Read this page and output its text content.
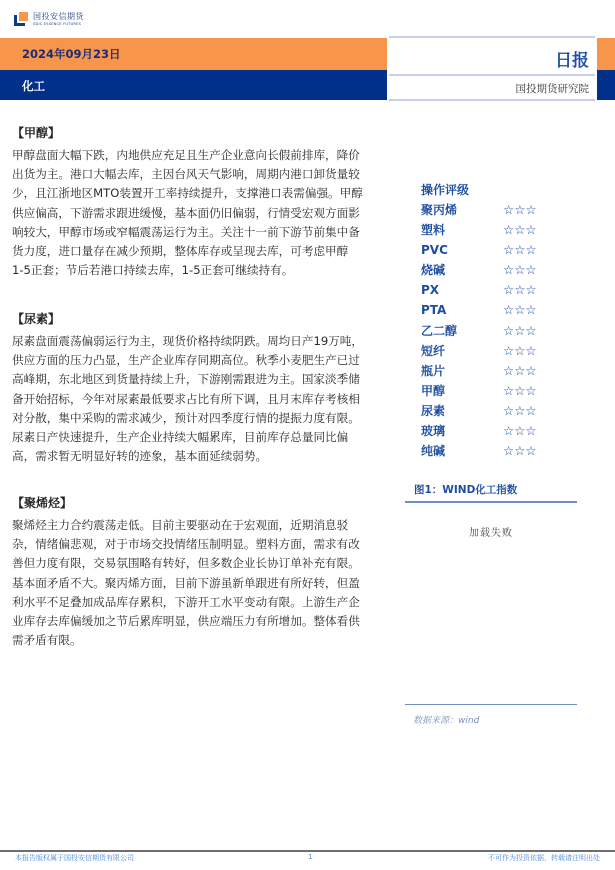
国投安信期货
SDIC ESSENCE FUTURES
2024年09月23日
化工
日报
国投期货研究院
【甲醇】
甲醇盘面大幅下跌，内地供应充足且生产企业意向长假前排库，降价
出货为主。港口大幅去库，主因台风天气影响，周期内港口卸货量较
少，且江浙地区MTO装置开工率持续提升，支撑港口表需偏强。甲醇
供应偏高，下游需求跟进缓慢，基本面仍旧偏弱，行情受宏观方面影
响较大，甲醇市场或窄幅震荡运行为主。关注十一前下游节前集中备
货力度，进口量存在减少预期，整体库存或呈现去库，可考虑甲醇
1-5正套；节后若港口持续去库，1-5正套可继续持有。
【尿素】
尿素盘面震荡偏弱运行为主，现货价格持续阴跌。周均日产19万吨，
供应方面的压力凸显，生产企业库存同期高位。秋季小麦肥生产已过
高峰期，东北地区到货量持续上升，下游刚需跟进为主。国家淡季储
备开始招标，今年对尿素最低要求占比有所下调，且月末库存考核相
对分散，集中采购的需求减少，预计对四季度行情的提振力度有限。
尿素日产快速提升，生产企业持续大幅累库，目前库存总量同比偏
高，需求暂无明显好转的迹象，基本面延续弱势。
【聚烯烃】
聚烯烃主力合约震荡走低。目前主要驱动在于宏观面，近期消息驳
杂，情绪偏悲观，对于市场交投情绪压制明显。塑料方面，需求有改
善但力度有限，交易氛围略有转好，但多数企业长协订单补充有限。
基本面矛盾不大。聚丙烯方面，目前下游虽新单跟进有所好转，但盈
利水平不足叠加成品库存累积，下游开工水平变动有限。上游生产企
业库存去库偏缓加之节后累库明显，供应端压力有所增加。整体看供
需矛盾有限。
操作评级
聚丙烯	☆☆☆
塑料	☆☆☆
PVC	☆☆☆
烧碱	☆☆☆
PX	☆☆☆
PTA	☆☆☆
乙二醇	☆☆☆
短纤	☆☆☆
瓶片	☆☆☆
甲醇	☆☆☆
尿素	☆☆☆
玻璃	☆☆☆
纯碱	☆☆☆
图1：WIND化工指数
加载失败
数据来源：wind
本报告版权属于国投安信期货有限公司	1	不可作为投资依据，转载请注明出处
